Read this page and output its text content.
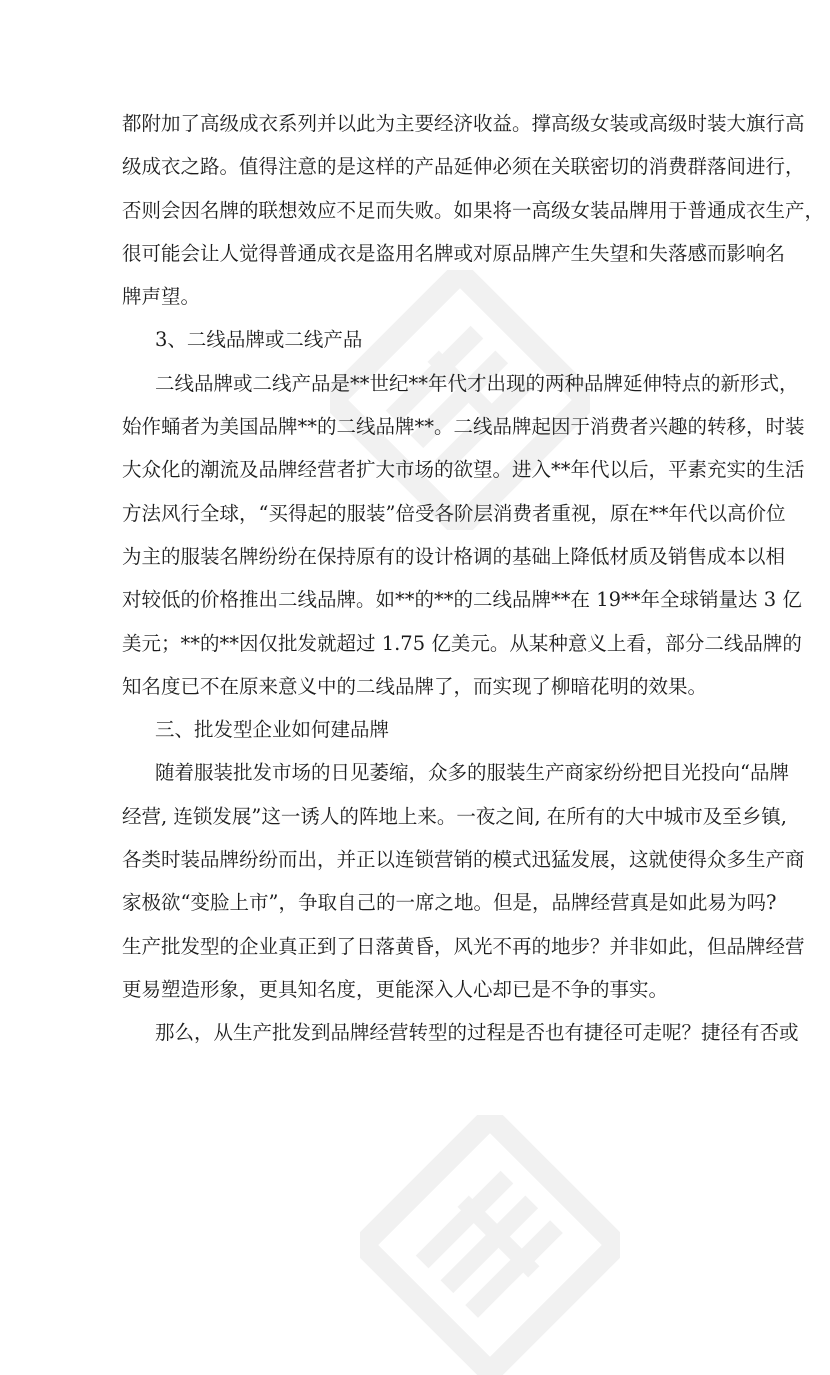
都附加了高级成衣系列并以此为主要经济收益。撑高级女装或高级时装大旗行高
级成衣之路。值得注意的是这样的产品延伸必须在关联密切的消费群落间进行，
否则会因名牌的联想效应不足而失败。如果将一高级女装品牌用于普通成衣生产，
很可能会让人觉得普通成衣是盗用名牌或对原品牌产生失望和失落感而影响名
牌声望。
3、二线品牌或二线产品
二线品牌或二线产品是**世纪**年代才出现的两种品牌延伸特点的新形式，
始作蛹者为美国品牌**的二线品牌**。二线品牌起因于消费者兴趣的转移，时装
大众化的潮流及品牌经营者扩大市场的欲望。进入**年代以后，平素充实的生活
方法风行全球，“买得起的服装”倍受各阶层消费者重视，原在**年代以高价位
为主的服装名牌纷纷在保持原有的设计格调的基础上降低材质及销售成本以相
对较低的价格推出二线品牌。如**的**的二线品牌**在 19**年全球销量达 3 亿
美元；**的**因仅批发就超过 1.75 亿美元。从某种意义上看，部分二线品牌的
知名度已不在原来意义中的二线品牌了，而实现了柳暗花明的效果。
三、批发型企业如何建品牌
随着服装批发市场的日见萎缩，众多的服装生产商家纷纷把目光投向“品牌
经营, 连锁发展”这一诱人的阵地上来。一夜之间, 在所有的大中城市及至乡镇,
各类时装品牌纷纷而出，并正以连锁营销的模式迅猛发展，这就使得众多生产商
家极欲“变脸上市”，争取自己的一席之地。但是，品牌经营真是如此易为吗?
生产批发型的企业真正到了日落黄昏，风光不再的地步？并非如此，但品牌经营
更易塑造形象，更具知名度，更能深入人心却已是不争的事实。
那么，从生产批发到品牌经营转型的过程是否也有捷径可走呢？捷径有否或
